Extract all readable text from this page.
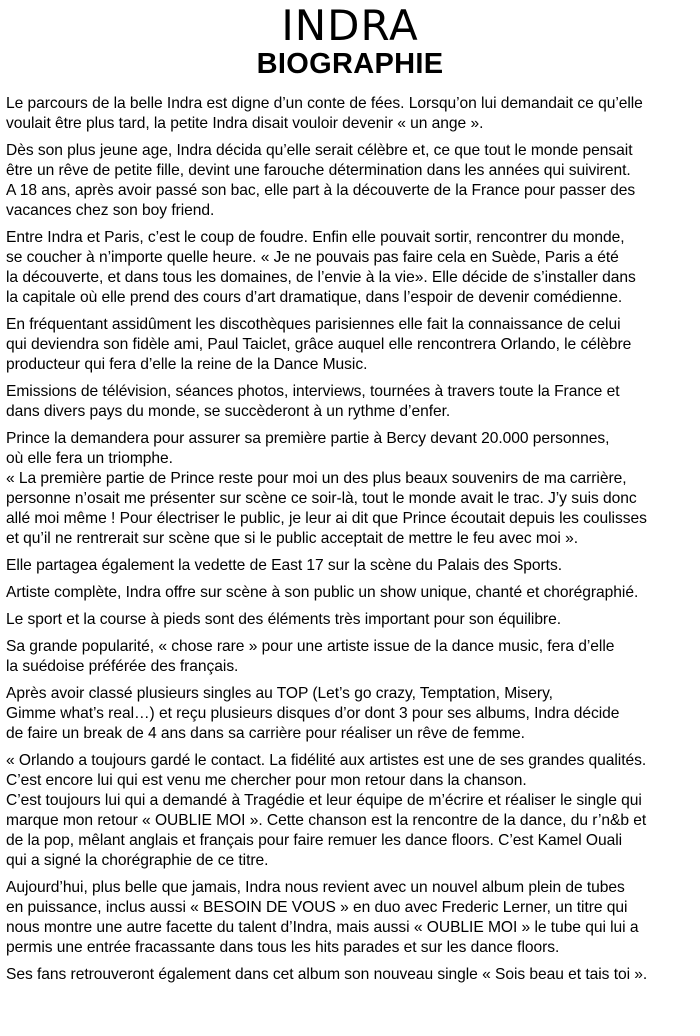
INDRA
BIOGRAPHIE

Le parcours de la belle Indra est digne d’un conte de fées. Lorsqu’on lui demandait ce qu’elle
voulait être plus tard, la petite Indra disait vouloir devenir « un ange ».

Dès son plus jeune age, Indra décida qu’elle serait célèbre et, ce que tout le monde pensait
être un rêve de petite fille, devint une farouche détermination dans les années qui suivirent.
A 18 ans, après avoir passé son bac, elle part à la découverte de la France pour passer des
vacances chez son boy friend.

Entre Indra et Paris, c’est le coup de foudre. Enfin elle pouvait sortir, rencontrer du monde,
se coucher à n’importe quelle heure. « Je ne pouvais pas faire cela en Suède, Paris a été
la découverte, et dans tous les domaines, de l’envie à la vie». Elle décide de s’installer dans
la capitale où elle prend des cours d’art dramatique, dans l’espoir de devenir comédienne.

En fréquentant assidûment les discothèques parisiennes elle fait la connaissance de celui
qui deviendra son fidèle ami, Paul Taiclet, grâce auquel elle rencontrera Orlando, le célèbre
producteur qui fera d’elle la reine de la Dance Music.

Emissions de télévision, séances photos, interviews, tournées à travers toute la France et
dans divers pays du monde, se succèderont à un rythme d’enfer.

Prince la demandera pour assurer sa première partie à Bercy devant 20.000 personnes,
où elle fera un triomphe.
« La première partie de Prince reste pour moi un des plus beaux souvenirs de ma carrière,
personne n’osait me présenter sur scène ce soir-là, tout le monde avait le trac. J’y suis donc
allé moi même ! Pour électriser le public, je leur ai dit que Prince écoutait depuis les coulisses
et qu’il ne rentrerait sur scène que si le public acceptait de mettre le feu avec moi ».

Elle partagea également la vedette de East 17 sur la scène du Palais des Sports.

Artiste complète, Indra offre sur scène à son public un show unique, chanté et chorégraphié.

Le sport et la course à pieds sont des éléments très important pour son équilibre.

Sa grande popularité, « chose rare » pour une artiste issue de la dance music, fera d’elle
la suédoise préférée des français.

Après avoir classé plusieurs singles au TOP (Let’s go crazy, Temptation, Misery,
Gimme what’s real…) et reçu plusieurs disques d’or dont 3 pour ses albums, Indra décide
de faire un break de 4 ans dans sa carrière pour réaliser un rêve de femme.

« Orlando a toujours gardé le contact. La fidélité aux artistes est une de ses grandes qualités.
C’est encore lui qui est venu me chercher pour mon retour dans la chanson.
C’est toujours lui qui a demandé à Tragédie et leur équipe de m’écrire et réaliser le single qui
marque mon retour « OUBLIE MOI ». Cette chanson est la rencontre de la dance, du r’n&b et
de la pop, mêlant anglais et français pour faire remuer les dance floors. C’est Kamel Ouali
qui a signé la chorégraphie de ce titre.

Aujourd’hui, plus belle que jamais, Indra nous revient avec un nouvel album plein de tubes
en puissance, inclus aussi « BESOIN DE VOUS » en duo avec Frederic Lerner, un titre qui
nous montre une autre facette du talent d’Indra, mais aussi « OUBLIE MOI » le tube qui lui a
permis une entrée fracassante dans tous les hits parades et sur les dance floors.

Ses fans retrouveront également dans cet album son nouveau single « Sois beau et tais toi ».
